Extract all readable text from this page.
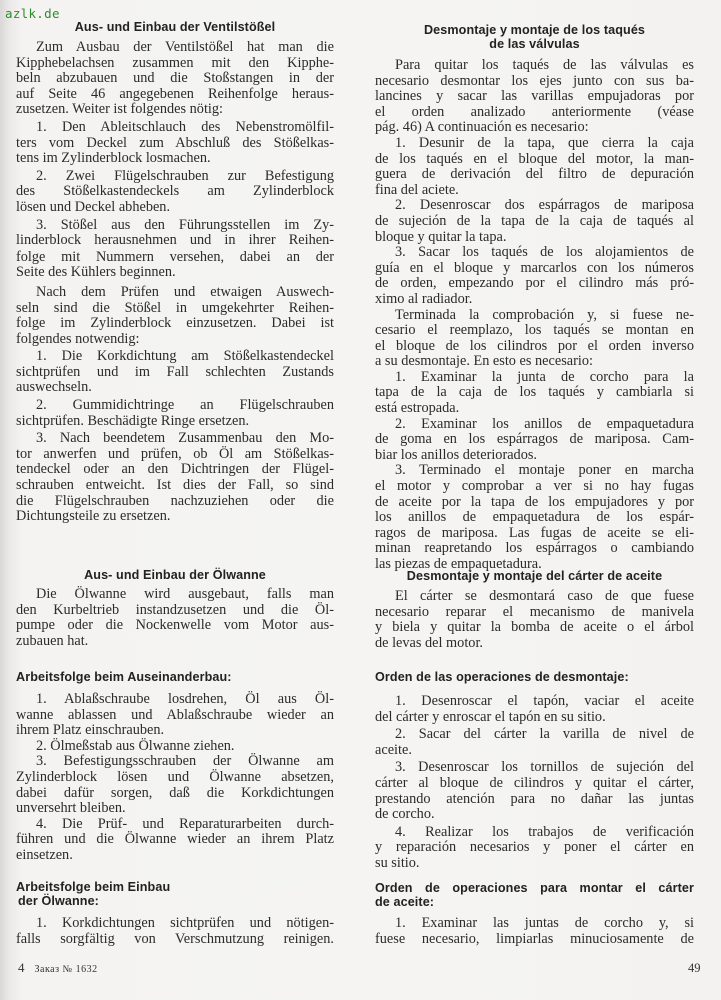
azlk.de
Aus- und Einbau der Ventilstößel
Zum Ausbau der Ventilstößel hat man die
Kipphebelachsen zusammen mit den Kipphe-
beln abzubauen und die Stoßstangen in der
auf Seite 46 angegebenen Reihenfolge heraus-
zusetzen. Weiter ist folgendes nötig:
1. Den Ableitschlauch des Nebenstromölfil-
ters vom Deckel zum Abschluß des Stößelkas-
tens im Zylinderblock losmachen.
2. Zwei Flügelschrauben zur Befestigung
des Stößelkastendeckels am Zylinderblock
lösen und Deckel abheben.
3. Stößel aus den Führungsstellen im Zy-
linderblock herausnehmen und in ihrer Reihen-
folge mit Nummern versehen, dabei an der
Seite des Kühlers beginnen.
Nach dem Prüfen und etwaigen Auswech-
seln sind die Stößel in umgekehrter Reihen-
folge im Zylinderblock einzusetzen. Dabei ist
folgendes notwendig:
1. Die Korkdichtung am Stößelkastendeckel
sichtprüfen und im Fall schlechten Zustands
auswechseln.
2. Gummidichtringe an Flügelschrauben
sichtprüfen. Beschädigte Ringe ersetzen.
3. Nach beendetem Zusammenbau den Mo-
tor anwerfen und prüfen, ob Öl am Stößelkas-
tendeckel oder an den Dichtringen der Flügel-
schrauben entweicht. Ist dies der Fall, so sind
die Flügelschrauben nachzuziehen oder die
Dichtungsteile zu ersetzen.
Aus- und Einbau der Ölwanne
Die Ölwanne wird ausgebaut, falls man
den Kurbeltrieb instandzusetzen und die Öl-
pumpe oder die Nockenwelle vom Motor aus-
zubauen hat.
Arbeitsfolge beim Auseinanderbau:
1. Ablaßschraube losdrehen, Öl aus Öl-
wanne ablassen und Ablaßschraube wieder an
ihrem Platz einschrauben.
2. Ölmeßstab aus Ölwanne ziehen.
3. Befestigungsschrauben der Ölwanne am
Zylinderblock lösen und Ölwanne absetzen,
dabei dafür sorgen, daß die Korkdichtungen
unversehrt bleiben.
4. Die Prüf- und Reparaturarbeiten durch-
führen und die Ölwanne wieder an ihrem Platz
einsetzen.
Arbeitsfolge beim Einbau
der Ölwanne:
1. Korkdichtungen sichtprüfen und nötigen-
falls sorgfältig von Verschmutzung reinigen.
4 Заказ № 1632
Desmontaje y montaje de los taqués
de las válvulas
Para quitar los taqués de las válvulas es
necesario desmontar los ejes junto con sus ba-
lancines y sacar las varillas empujadoras por
el orden analizado anteriormente (véase
pág. 46) A continuación es necesario:
1. Desunir de la tapa, que cierra la caja
de los taqués en el bloque del motor, la man-
guera de derivación del filtro de depuración
fina del aciete.
2. Desenroscar dos espárragos de mariposa
de sujeción de la tapa de la caja de taqués al
bloque y quitar la tapa.
3. Sacar los taqués de los alojamientos de
guía en el bloque y marcarlos con los números
de orden, empezando por el cilindro más pró-
ximo al radiador.
Terminada la comprobación y, si fuese ne-
cesario el reemplazo, los taqués se montan en
el bloque de los cilindros por el orden inverso
a su desmontaje. En esto es necesario:
1. Examinar la junta de corcho para la
tapa de la caja de los taqués y cambiarla si
está estropada.
2. Examinar los anillos de empaquetadura
de goma en los espárragos de mariposa. Cam-
biar los anillos deteriorados.
3. Terminado el montaje poner en marcha
el motor y comprobar a ver si no hay fugas
de aceite por la tapa de los empujadores y por
los anillos de empaquetadura de los espár-
ragos de mariposa. Las fugas de aceite se eli-
minan reapretando los espárragos o cambiando
las piezas de empaquetadura.
Desmontaje y montaje del cárter de aceite
El cárter se desmontará caso de que fuese
necesario reparar el mecanismo de manivela
y biela y quitar la bomba de aceite o el árbol
de levas del motor.
Orden de las operaciones de desmontaje:
1. Desenroscar el tapón, vaciar el aceite
del cárter y enroscar el tapón en su sitio.
2. Sacar del cárter la varilla de nivel de
aceite.
3. Desenroscar los tornillos de sujeción del
cárter al bloque de cilindros y quitar el cárter,
prestando atención para no dañar las juntas
de corcho.
4. Realizar los trabajos de verificación
y reparación necesarios y poner el cárter en
su sitio.
Orden de operaciones para montar el cárter
de aceite:
1. Examinar las juntas de corcho y, si
fuese necesario, limpiarlas minuciosamente de
49
